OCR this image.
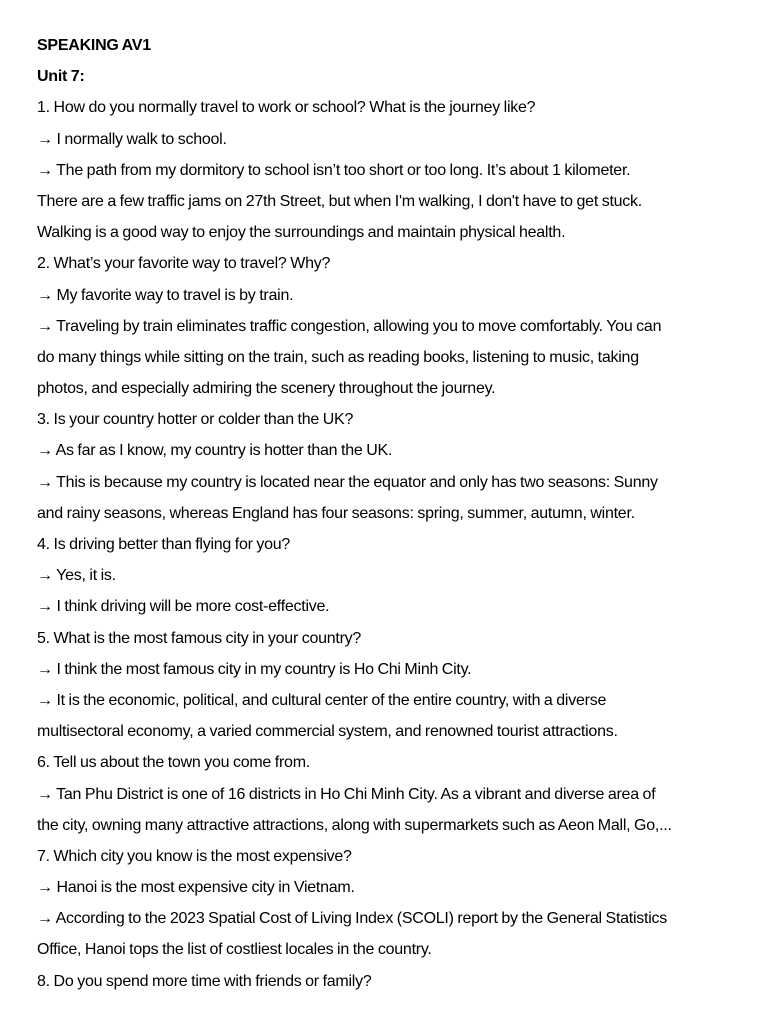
SPEAKING AV1
Unit 7:
1. How do you normally travel to work or school? What is the journey like?
→ I normally walk to school.
→ The path from my dormitory to school isn’t too short or too long. It’s about 1 kilometer.
There are a few traffic jams on 27th Street, but when I'm walking, I don't have to get stuck.
Walking is a good way to enjoy the surroundings and maintain physical health.
2. What’s your favorite way to travel? Why?
→ My favorite way to travel is by train.
→ Traveling by train eliminates traffic congestion, allowing you to move comfortably. You can
do many things while sitting on the train, such as reading books, listening to music, taking
photos, and especially admiring the scenery throughout the journey.
3. Is your country hotter or colder than the UK?
→ As far as I know, my country is hotter than the UK.
→ This is because my country is located near the equator and only has two seasons: Sunny
and rainy seasons, whereas England has four seasons: spring, summer, autumn, winter.
4. Is driving better than flying for you?
→ Yes, it is.
→ I think driving will be more cost-effective.
5. What is the most famous city in your country?
→ I think the most famous city in my country is Ho Chi Minh City.
→ It is the economic, political, and cultural center of the entire country, with a diverse
multisectoral economy, a varied commercial system, and renowned tourist attractions.
6. Tell us about the town you come from.
→ Tan Phu District is one of 16 districts in Ho Chi Minh City. As a vibrant and diverse area of
the city, owning many attractive attractions, along with supermarkets such as Aeon Mall, Go,...
7. Which city you know is the most expensive?
→ Hanoi is the most expensive city in Vietnam.
→ According to the 2023 Spatial Cost of Living Index (SCOLI) report by the General Statistics
Office, Hanoi tops the list of costliest locales in the country.
8. Do you spend more time with friends or family?
